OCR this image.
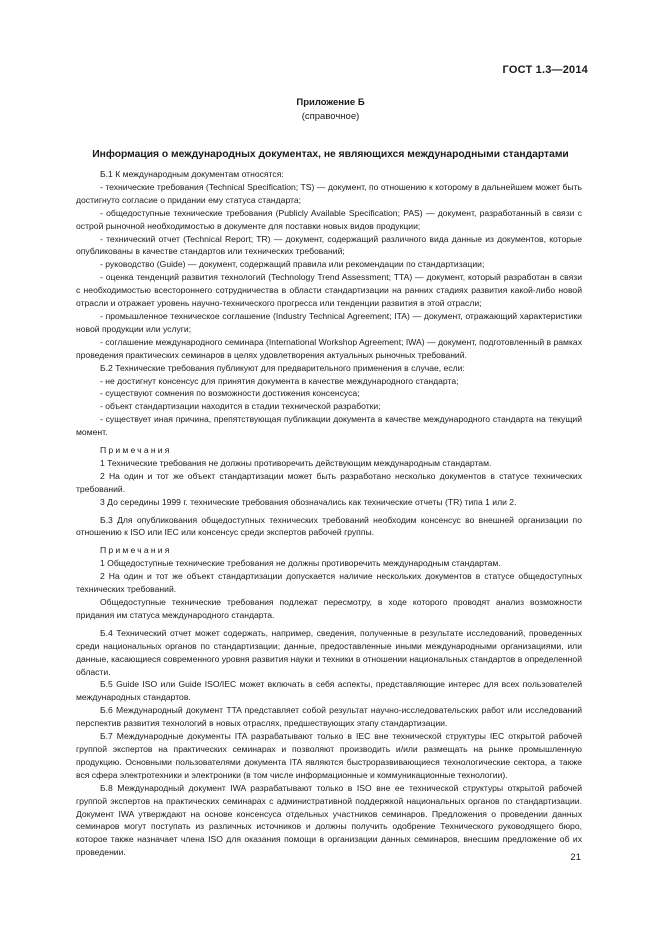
ГОСТ 1.3—2014
Приложение Б
(справочное)
Информация о международных документах, не являющихся международными стандартами

Б.1 К международным документам относятся:

- технические требования (Technical Specification; TS) — документ, по отношению к которому в дальнейшем может быть достигнуто согласие о придании ему статуса стандарта;

- общедоступные технические требования (Publicly Available Specification; PAS) — документ, разработанный в связи с острой рыночной необходимостью в документе для поставки новых видов продукции;

- технический отчет (Technical Report; TR) — документ, содержащий различного вида данные из документов, которые опубликованы в качестве стандартов или технических требований;

- руководство (Guide) — документ, содержащий правила или рекомендации по стандартизации;

- оценка тенденций развития технологий (Technology Trend Assessment; TTA) — документ, который разработан в связи с необходимостью всестороннего сотрудничества в области стандартизации на ранних стадиях развития какой-либо новой отрасли и отражает уровень научно-технического прогресса или тенденции развития в этой отрасли;

- промышленное техническое соглашение (Industry Technical Agreement; ITA) — документ, отражающий характеристики новой продукции или услуги;

- соглашение международного семинара (International Workshop Agreement; IWA) — документ, подготовленный в рамках проведения практических семинаров в целях удовлетворения актуальных рыночных требований.

Б.2 Технические требования публикуют для предварительного применения в случае, если:

- не достигнут консенсус для принятия документа в качестве международного стандарта;

- существуют сомнения по возможности достижения консенсуса;

- объект стандартизации находится в стадии технической разработки;

- существует иная причина, препятствующая публикации документа в качестве международного стандарта на текущий момент.

Примечания

1 Технические требования не должны противоречить действующим международным стандартам.

2 На один и тот же объект стандартизации может быть разработано несколько документов в статусе технических требований.

3 До середины 1999 г. технические требования обозначались как технические отчеты (TR) типа 1 или 2.

Б.3 Для опубликования общедоступных технических требований необходим консенсус во внешней организации по отношению к ISO или IEC или консенсус среди экспертов рабочей группы.

Примечания

1 Общедоступные технические требования не должны противоречить международным стандартам.

2 На один и тот же объект стандартизации допускается наличие нескольких документов в статусе общедоступных технических требований.

Общедоступные технические требования подлежат пересмотру, в ходе которого проводят анализ возможности придания им статуса международного стандарта.

Б.4 Технический отчет может содержать, например, сведения, полученные в результате исследований, проведенных среди национальных органов по стандартизации; данные, предоставленные иными международными организациями, или данные, касающиеся современного уровня развития науки и техники в отношении национальных стандартов в определенной области.

Б.5 Guide ISO или Guide ISO/IEC может включать в себя аспекты, представляющие интерес для всех пользователей международных стандартов.

Б.6 Международный документ TTA представляет собой результат научно-исследовательских работ или исследований перспектив развития технологий в новых отраслях, предшествующих этапу стандартизации.

Б.7 Международные документы ITA разрабатывают только в IEC вне технической структуры IEC открытой рабочей группой экспертов на практических семинарах и позволяют производить и/или размещать на рынке промышленную продукцию. Основными пользователями документа ITA являются быстроразвивающиеся технологические сектора, а также вся сфера электротехники и электроники (в том числе информационные и коммуникационные технологии).

Б.8 Международный документ IWA разрабатывают только в ISO вне ее технической структуры открытой рабочей группой экспертов на практических семинарах с административной поддержкой национальных органов по стандартизации. Документ IWA утверждают на основе консенсуса отдельных участников семинаров. Предложения о проведении данных семинаров могут поступать из различных источников и должны получить одобрение Технического руководящего бюро, которое также назначает члена ISO для оказания помощи в организации данных семинаров, внесшим предложение об их проведении.	21
